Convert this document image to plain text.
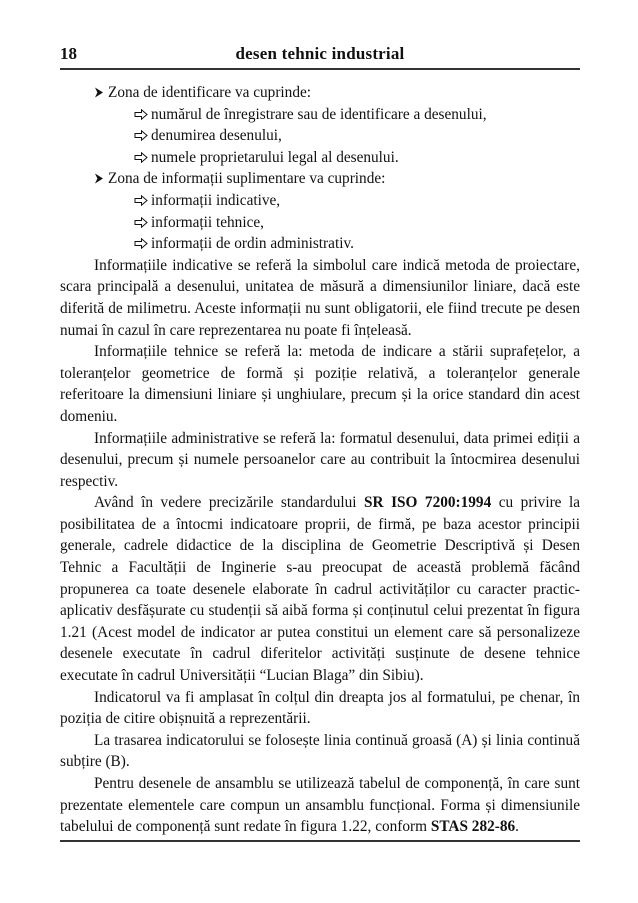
18	desen tehnic industrial
Zona de identificare va cuprinde:
numărul de înregistrare sau de identificare a desenului,
denumirea desenului,
numele proprietarului legal al desenului.
Zona de informații suplimentare va cuprinde:
informații indicative,
informații tehnice,
informații de ordin administrativ.

Informațiile indicative se referă la simbolul care indică metoda de proiectare, scara principală a desenului, unitatea de măsură a dimensiunilor liniare, dacă este diferită de milimetru. Aceste informații nu sunt obligatorii, ele fiind trecute pe desen numai în cazul în care reprezentarea nu poate fi înțeleasă.

Informațiile tehnice se referă la: metoda de indicare a stării suprafețelor, a toleranțelor geometrice de formă și poziție relativă, a toleranțelor generale referitoare la dimensiuni liniare și unghiulare, precum și la orice standard din acest domeniu.

Informațiile administrative se referă la: formatul desenului, data primei ediții a desenului, precum și numele persoanelor care au contribuit la întocmirea desenului respectiv.

Având în vedere precizările standardului SR ISO 7200:1994 cu privire la posibilitatea de a întocmi indicatoare proprii, de firmă, pe baza acestor principii generale, cadrele didactice de la disciplina de Geometrie Descriptivă și Desen Tehnic a Facultății de Inginerie s-au preocupat de această problemă făcând propunerea ca toate desenele elaborate în cadrul activităților cu caracter practic-aplicativ desfășurate cu studenții să aibă forma și conținutul celui prezentat în figura 1.21 (Acest model de indicator ar putea constitui un element care să personalizeze desenele executate în cadrul diferitelor activități susținute de desene tehnice executate în cadrul Universității “Lucian Blaga” din Sibiu).

Indicatorul va fi amplasat în colțul din dreapta jos al formatului, pe chenar, în poziția de citire obișnuită a reprezentării.

La trasarea indicatorului se folosește linia continuă groasă (A) și linia continuă subțire (B).

Pentru desenele de ansamblu se utilizează tabelul de componență, în care sunt prezentate elementele care compun un ansamblu funcțional. Forma și dimensiunile tabelului de componență sunt redate în figura 1.22, conform STAS 282-86.
